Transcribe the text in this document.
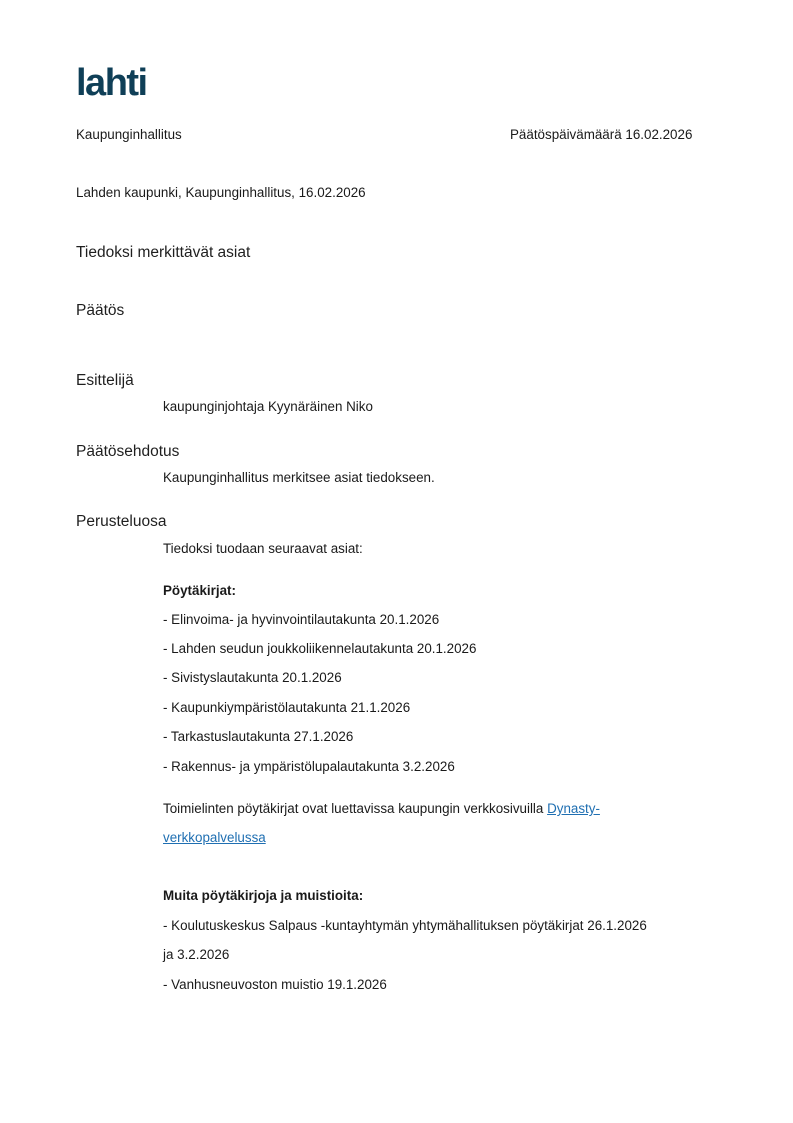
lahti
Kaupunginhallitus	Päätöspäivämäärä 16.02.2026
Lahden kaupunki, Kaupunginhallitus, 16.02.2026
Tiedoksi merkittävät asiat
Päätös
Esittelijä
kaupunginjohtaja Kyynäräinen Niko
Päätösehdotus
Kaupunginhallitus merkitsee asiat tiedokseen.
Perusteluosa
Tiedoksi tuodaan seuraavat asiat:
Pöytäkirjat:
- Elinvoima- ja hyvinvointilautakunta 20.1.2026
- Lahden seudun joukkoliikennelautakunta 20.1.2026
- Sivistyslautakunta 20.1.2026
- Kaupunkiympäristölautakunta 21.1.2026
- Tarkastuslautakunta 27.1.2026
- Rakennus- ja ympäristölupalautakunta 3.2.2026
Toimielinten pöytäkirjat ovat luettavissa kaupungin verkkosivuilla Dynasty-
verkkopalvelussa
Muita pöytäkirjoja ja muistioita:
- Koulutuskeskus Salpaus -kuntayhtymän yhtymähallituksen pöytäkirjat 26.1.2026
ja 3.2.2026
- Vanhusneuvoston muistio 19.1.2026
